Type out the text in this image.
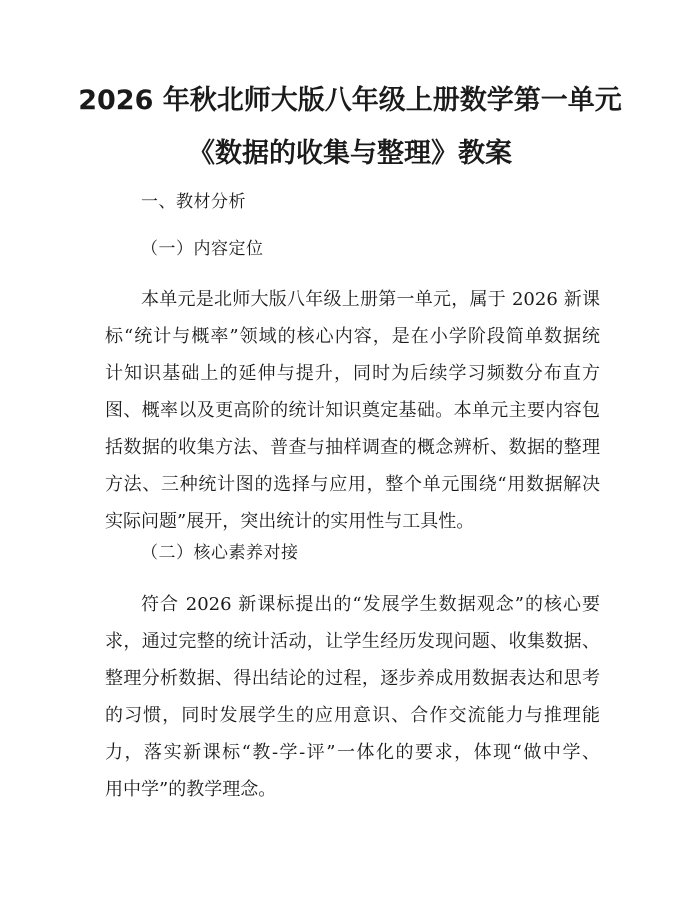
2026 年秋北师大版八年级上册数学第一单元
《数据的收集与整理》教案

一、教材分析

（一）内容定位

本单元是北师大版八年级上册第一单元，属于 2026 新课
标“统计与概率”领域的核心内容，是在小学阶段简单数据统
计知识基础上的延伸与提升，同时为后续学习频数分布直方
图、概率以及更高阶的统计知识奠定基础。本单元主要内容包
括数据的收集方法、普查与抽样调查的概念辨析、数据的整理
方法、三种统计图的选择与应用，整个单元围绕“用数据解决
实际问题”展开，突出统计的实用性与工具性。

（二）核心素养对接

符合 2026 新课标提出的“发展学生数据观念”的核心要
求，通过完整的统计活动，让学生经历发现问题、收集数据、
整理分析数据、得出结论的过程，逐步养成用数据表达和思考
的习惯，同时发展学生的应用意识、合作交流能力与推理能
力，落实新课标“教-学-评”一体化的要求，体现“做中学、
用中学”的教学理念。
